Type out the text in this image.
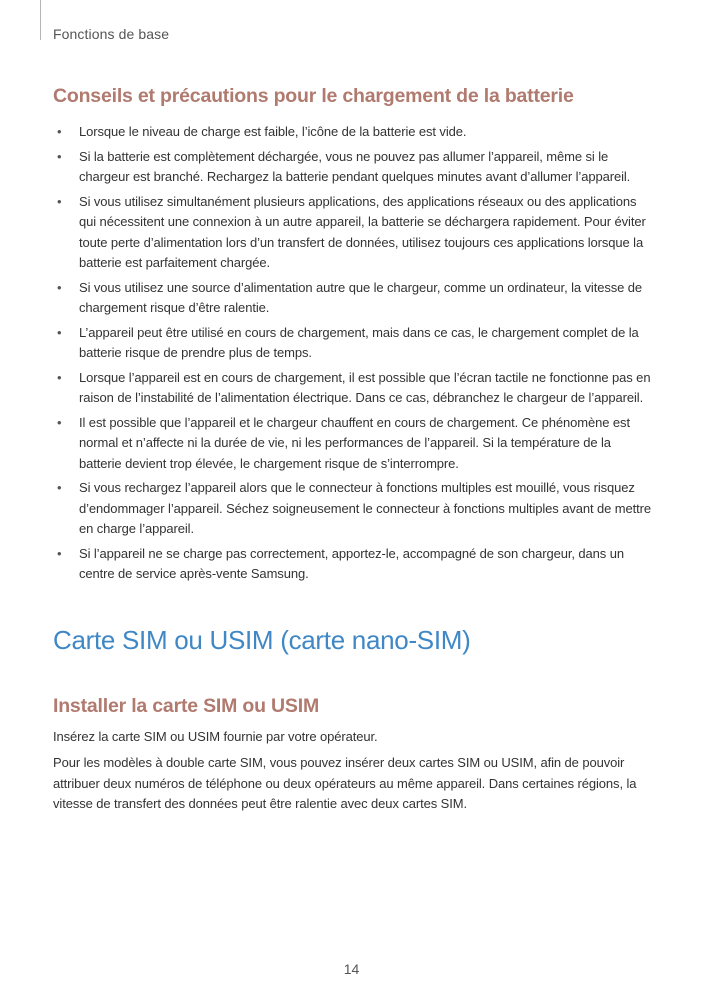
Fonctions de base
Conseils et précautions pour le chargement de la batterie
• Lorsque le niveau de charge est faible, l’icône de la batterie est vide.
• Si la batterie est complètement déchargée, vous ne pouvez pas allumer l’appareil, même si le chargeur est branché. Rechargez la batterie pendant quelques minutes avant d’allumer l’appareil.
• Si vous utilisez simultanément plusieurs applications, des applications réseaux ou des applications qui nécessitent une connexion à un autre appareil, la batterie se déchargera rapidement. Pour éviter toute perte d’alimentation lors d’un transfert de données, utilisez toujours ces applications lorsque la batterie est parfaitement chargée.
• Si vous utilisez une source d’alimentation autre que le chargeur, comme un ordinateur, la vitesse de chargement risque d’être ralentie.
• L’appareil peut être utilisé en cours de chargement, mais dans ce cas, le chargement complet de la batterie risque de prendre plus de temps.
• Lorsque l’appareil est en cours de chargement, il est possible que l’écran tactile ne fonctionne pas en raison de l’instabilité de l’alimentation électrique. Dans ce cas, débranchez le chargeur de l’appareil.
• Il est possible que l’appareil et le chargeur chauffent en cours de chargement. Ce phénomène est normal et n’affecte ni la durée de vie, ni les performances de l’appareil. Si la température de la batterie devient trop élevée, le chargement risque de s’interrompre.
• Si vous rechargez l’appareil alors que le connecteur à fonctions multiples est mouillé, vous risquez d’endommager l’appareil. Séchez soigneusement le connecteur à fonctions multiples avant de mettre en charge l’appareil.
• Si l’appareil ne se charge pas correctement, apportez-le, accompagné de son chargeur, dans un centre de service après-vente Samsung.
Carte SIM ou USIM (carte nano-SIM)
Installer la carte SIM ou USIM

Insérez la carte SIM ou USIM fournie par votre opérateur.

Pour les modèles à double carte SIM, vous pouvez insérer deux cartes SIM ou USIM, afin de pouvoir attribuer deux numéros de téléphone ou deux opérateurs au même appareil. Dans certaines régions, la vitesse de transfert des données peut être ralentie avec deux cartes SIM.

14
